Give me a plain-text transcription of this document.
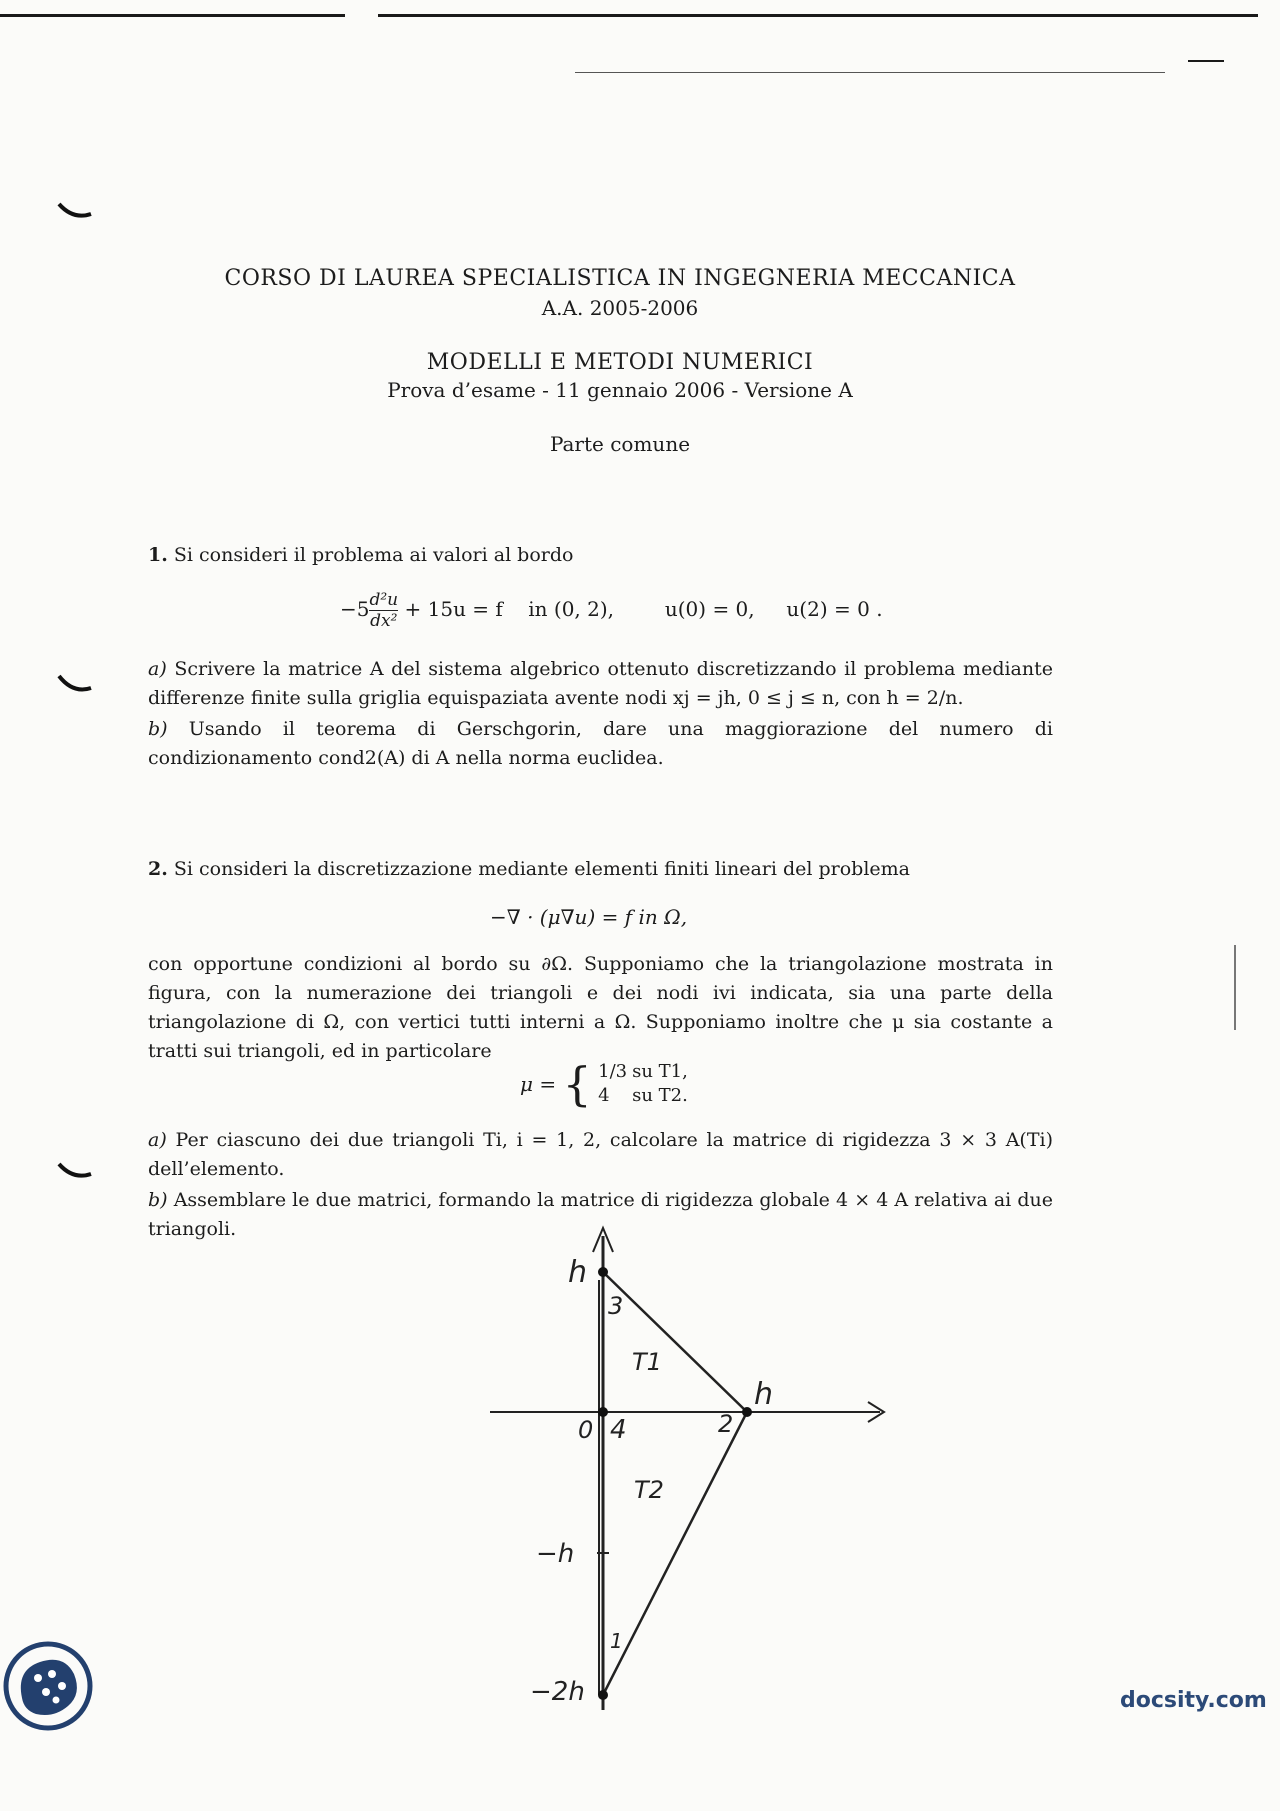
CORSO DI LAUREA SPECIALISTICA IN INGEGNERIA MECCANICA
A.A. 2005-2006
MODELLI E METODI NUMERICI
Prova d’esame - 11 gennaio 2006 - Versione A
Parte comune
1. Si consideri il problema ai valori al bordo
$-5 \frac{\text{d²u}}{\text{dx²}} + 15u = f$    in (0, 2),        u(0) = 0,     u(2) = 0 .
a) Scrivere la matrice A del sistema algebrico ottenuto discretizzando il problema mediante differenze finite sulla griglia equispaziata avente nodi xj = jh, 0 ≤ j ≤ n, con h = 2/n.
b) Usando il teorema di Gerschgorin, dare una maggiorazione del numero di condizionamento cond2(A) di A nella norma euclidea.
2. Si consideri la discretizzazione mediante elementi finiti lineari del problema
−∇ · (μ∇u) = f in Ω,
con opportune condizioni al bordo su ∂Ω. Supponiamo che la triangolazione mostrata in figura, con la numerazione dei triangoli e dei nodi ivi indicata, sia una parte della triangolazione di Ω, con vertici tutti interni a Ω. Supponiamo inoltre che μ sia costante a tratti sui triangoli, ed in particolare
μ = { 1/3 su T1,
4 su T2.
a) Per ciascuno dei due triangoli Ti, i = 1, 2, calcolare la matrice di rigidezza 3 × 3 A(Ti) dell’elemento.
b) Assemblare le due matrici, formando la matrice di rigidezza globale 4 × 4 A relativa ai due triangoli.
h
3
T1
0 4	2
h
T2
−h
1
−2h	docsity.com
